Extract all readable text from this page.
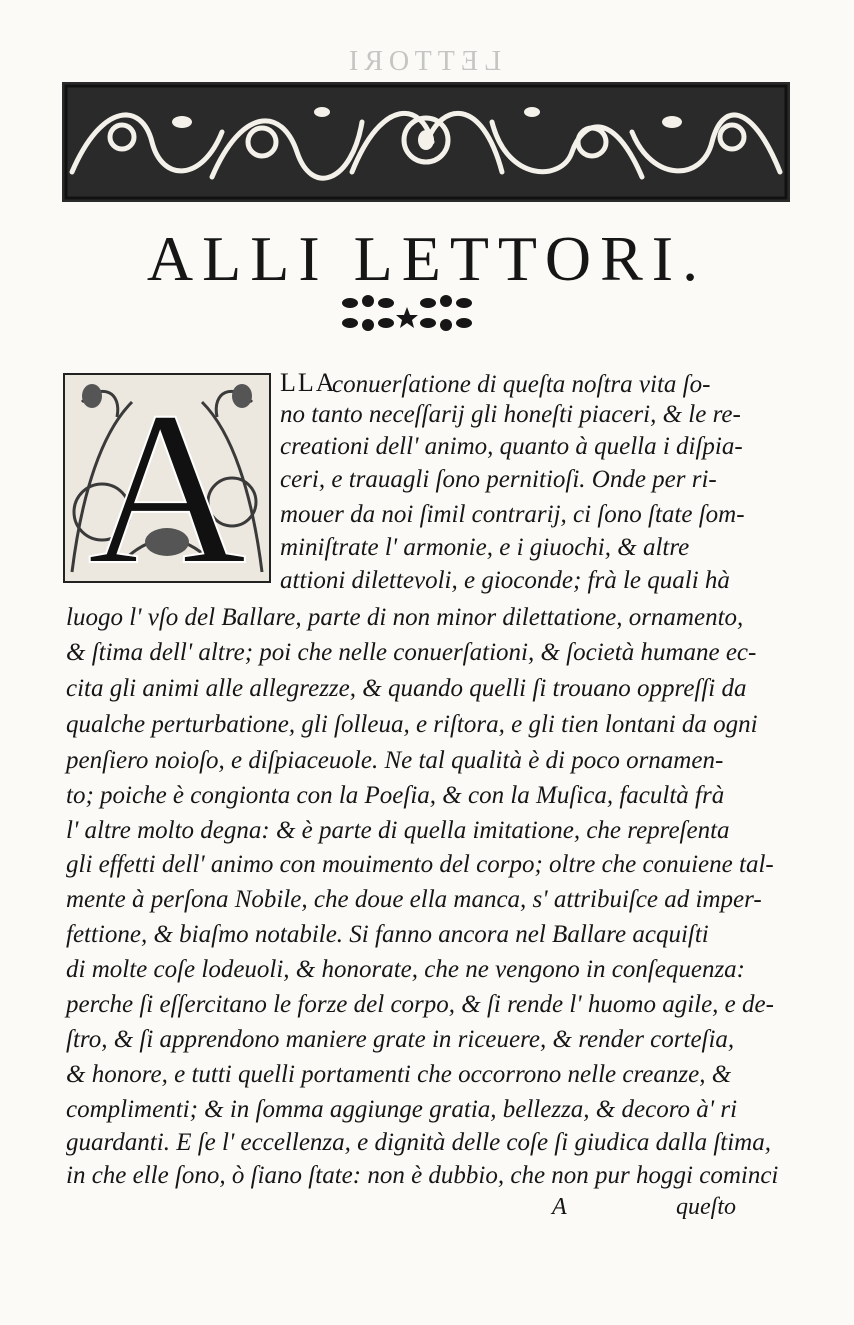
LETTORI
ALLI LETTORI.
A LLA
conuerſatione di queſta noſtra vita ſo-
no tanto neceſſarij gli honeſti piaceri, & le re-
creationi dell' animo, quanto à quella i diſpia-
ceri, e trauagli ſono pernitioſi. Onde per ri-
mouer da noi ſimil contrarij, ci ſono ſtate ſom-
miniſtrate l' armonie, e i giuochi, & altre
attioni dilettevoli, e gioconde; frà le quali hà
luogo l' vſo del Ballare, parte di non minor dilettatione, ornamento,
& ſtima dell' altre; poi che nelle conuerſationi, & ſocietà humane ec-
cita gli animi alle allegrezze, & quando quelli ſi trouano oppreſſi da
qualche perturbatione, gli ſolleua, e riſtora, e gli tien lontani da ogni
penſiero noioſo, e diſpiaceuole. Ne tal qualità è di poco ornamen-
to; poiche è congionta con la Poeſia, & con la Muſica, facultà frà
l' altre molto degna: & è parte di quella imitatione, che repreſenta
gli effetti dell' animo con mouimento del corpo; oltre che conuiene tal-
mente à perſona Nobile, che doue ella manca, s' attribuiſce ad imper-
fettione, & biaſmo notabile. Si fanno ancora nel Ballare acquiſti
di molte coſe lodeuoli, & honorate, che ne vengono in conſequenza:
perche ſi eſſercitano le forze del corpo, & ſi rende l' huomo agile, e de-
ſtro, & ſi apprendono maniere grate in riceuere, & render corteſia,
& honore, e tutti quelli portamenti che occorrono nelle creanze, &
complimenti; & in ſomma aggiunge gratia, bellezza, & decoro à' ri
guardanti. E ſe l' eccellenza, e dignità delle coſe ſi giudica dalla ſtima,
in che elle ſono, ò ſiano ſtate: non è dubbio, che non pur hoggi cominci
A	queſto
